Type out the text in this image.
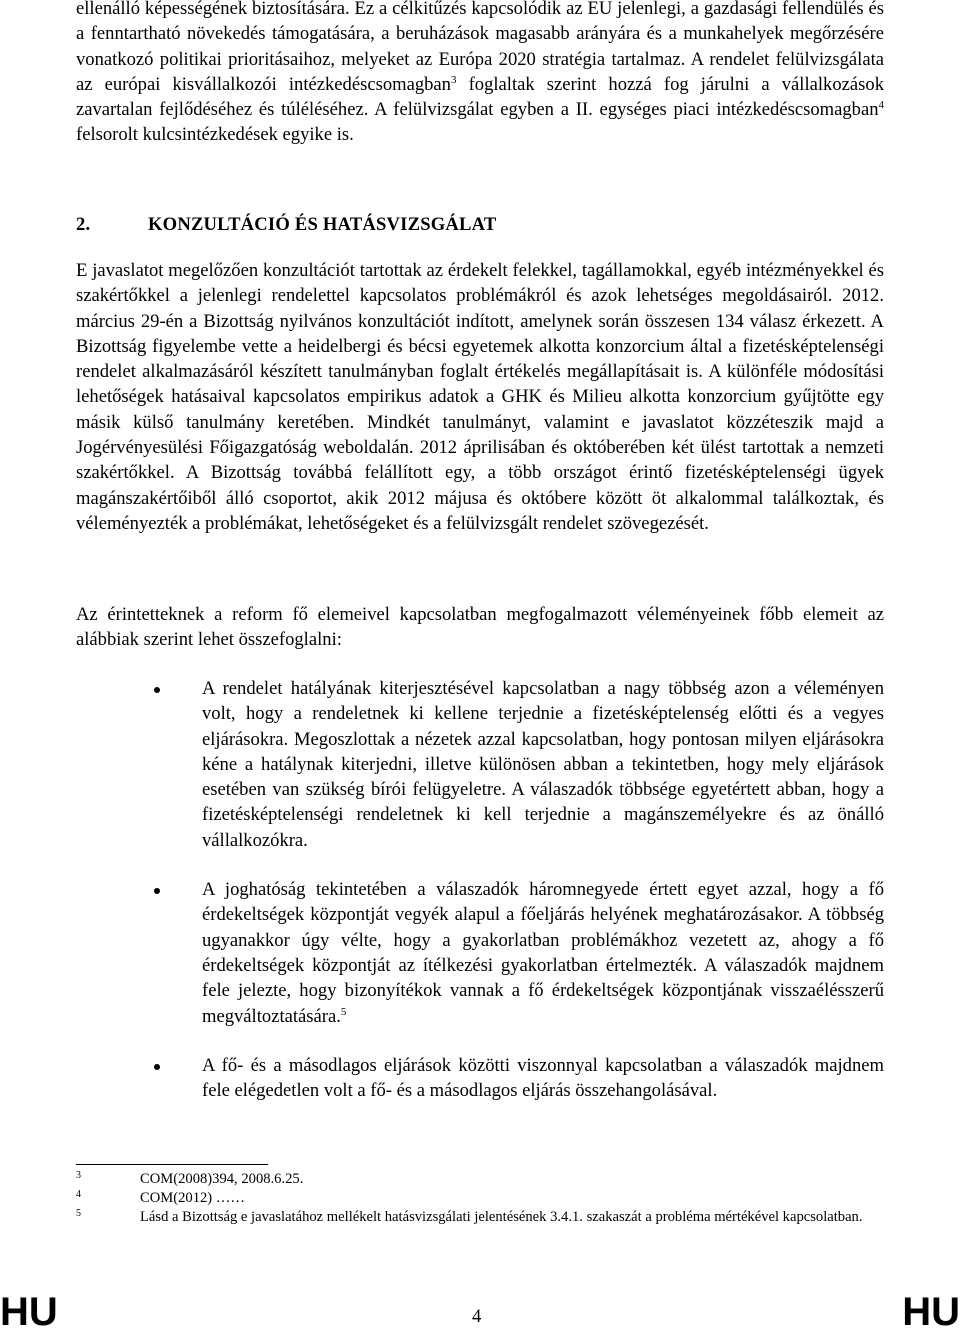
ellenálló képességének biztosítására. Ez a célkitűzés kapcsolódik az EU jelenlegi, a gazdasági fellendülés és a fenntartható növekedés támogatására, a beruházások magasabb arányára és a munkahelyek megőrzésére vonatkozó politikai prioritásaihoz, melyeket az Európa 2020 stratégia tartalmaz. A rendelet felülvizsgálata az európai kisvállalkozói intézkedéscsomagban$^3$ foglaltak szerint hozzá fog járulni a vállalkozások zavartalan fejlődéséhez és túléléséhez. A felülvizsgálat egyben a II. egységes piaci intézkedéscsomagban$^4$ felsorolt kulcsintézkedések egyike is.

2.	KONZULTÁCIÓ ÉS HATÁSVIZSGÁLAT

E javaslatot megelőzően konzultációt tartottak az érdekelt felekkel, tagállamokkal, egyéb intézményekkel és szakértőkkel a jelenlegi rendelettel kapcsolatos problémákról és azok lehetséges megoldásairól. 2012. március 29-én a Bizottság nyilvános konzultációt indított, amelynek során összesen 134 válasz érkezett. A Bizottság figyelembe vette a heidelbergi és bécsi egyetemek alkotta konzorcium által a fizetésképtelenségi rendelet alkalmazásáról készített tanulmányban foglalt értékelés megállapításait is. A különféle módosítási lehetőségek hatásaival kapcsolatos empirikus adatok a GHK és Milieu alkotta konzorcium gyűjtötte egy másik külső tanulmány keretében. Mindkét tanulmányt, valamint e javaslatot közzéteszik majd a Jogérvényesülési Főigazgatóság weboldalán. 2012 áprilisában és októberében két ülést tartottak a nemzeti szakértőkkel. A Bizottság továbbá felállított egy, a több országot érintő fizetésképtelenségi ügyek magánszakértőiből álló csoportot, akik 2012 májusa és októbere között öt alkalommal találkoztak, és véleményezték a problémákat, lehetőségeket és a felülvizsgált rendelet szövegezését.

Az érintetteknek a reform fő elemeivel kapcsolatban megfogalmazott véleményeinek főbb elemeit az alábbiak szerint lehet összefoglalni:

A rendelet hatályának kiterjesztésével kapcsolatban a nagy többség azon a véleményen volt, hogy a rendeletnek ki kellene terjednie a fizetésképtelenség előtti és a vegyes eljárásokra. Megoszlottak a nézetek azzal kapcsolatban, hogy pontosan milyen eljárásokra kéne a hatálynak kiterjedni, illetve különösen abban a tekintetben, hogy mely eljárások esetében van szükség bírói felügyeletre. A válaszadók többsége egyetértett abban, hogy a fizetésképtelenségi rendeletnek ki kell terjednie a magánszemélyekre és az önálló vállalkozókra.

A joghatóság tekintetében a válaszadók háromnegyede értett egyet azzal, hogy a fő érdekeltségek központját vegyék alapul a főeljárás helyének meghatározásakor. A többség ugyanakkor úgy vélte, hogy a gyakorlatban problémákhoz vezetett az, ahogy a fő érdekeltségek központját az ítélkezési gyakorlatban értelmezték. A válaszadók majdnem fele jelezte, hogy bizonyítékok vannak a fő érdekeltségek központjának visszaélésszerű megváltoztatására.$^5$

A fő- és a másodlagos eljárások közötti viszonnyal kapcsolatban a válaszadók majdnem fele elégedetlen volt a fő- és a másodlagos eljárás összehangolásával.

3	COM(2008)394, 2008.6.25.
4	COM(2012) ……
5	Lásd a Bizottság e javaslatához mellékelt hatásvizsgálati jelentésének 3.4.1. szakaszát a probléma mértékével kapcsolatban.
HU	4	HU
